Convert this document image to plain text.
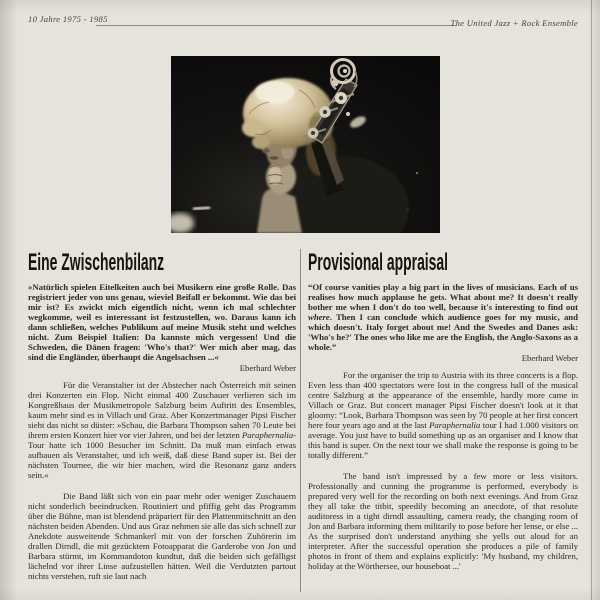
10 Jahre 1975 - 1985	The United Jazz + Rock Ensemble
Eine Zwischenbilanz

»Natürlich spielen Eitelkeiten auch bei Musikern eine große Rolle. Das registriert jeder von uns genau, wieviel Beifall er bekommt. Wie das bei mir ist? Es zwickt mich eigentlich nicht, wenn ich mal schlechter wegkomme, weil es interessant ist festzustellen, wo. Daraus kann ich dann schließen, welches Publikum auf meine Musik steht und welches nicht. Zum Beispiel Italien: Da kannste mich vergessen! Und die Schweden, die Dänen fragen: 'Who's that?' Wer mich aber mag, das sind die Engländer, überhaupt die Angelsachsen ...«

Eberhard Weber

Für die Veranstalter ist der Abstecher nach Österreich mit seinen drei Konzerten ein Flop. Nicht einmal 400 Zuschauer verlieren sich im Kongreßhaus der Musikmetropole Salzburg beim Auftritt des Ensembles, kaum mehr sind es in Villach und Graz. Aber Konzertmanager Pipsi Fischer sieht das nicht so düster: »Schau, die Barbara Thompson sahen 70 Leute bei ihrem ersten Konzert hier vor vier Jahren, und bei der letzten Paraphernalia-Tour hatte ich 1000 Besucher im Schnitt. Da muß man einfach etwas aufbauen als Veranstalter, und ich weiß, daß diese Band super ist. Bei der nächsten Tournee, die wir hier machen, wird die Resonanz ganz anders sein.«

Die Band läßt sich von ein paar mehr oder weniger Zuschauern nicht sonderlich beeindrucken. Routiniert und pfiffig geht das Programm über die Bühne, man ist blendend präpariert für den Plattenmitschnitt an den nächsten beiden Abenden. Und aus Graz nehmen sie alle das sich schnell zur Anekdote ausweitende Schmankerl mit von der forschen Zuhörerin im drallen Dirndl, die mit gezücktem Fotoapparat die Garderobe von Jon und Barbara stürmt, im Kommandoton kundtut, daß die beiden sich gefälligst lächelnd vor ihrer Linse aufzustellen hätten. Weil die Verdutzten partout nichts verstehen, ruft sie laut nach

Provisional appraisal

“Of course vanities play a big part in the lives of musicians. Each of us realises how much applause he gets. What about me? It doesn't really bother me when I don't do too well, because it's interesting to find out where. Then I can conclude which audience goes for my music, and which doesn't. Italy forget about me! And the Swedes and Danes ask: 'Who's he?' The ones who like me are the English, the Anglo-Saxons as a whole.”

Eberhard Weber

For the organiser the trip to Austria with its three concerts is a flop. Even less than 400 spectators were lost in the congress hall of the musical centre Salzburg at the appearance of the ensemble, hardly more came in Villach or Graz. But concert manager Pipsi Fischer doesn't look at it that gloomy: “Look, Barbara Thompson was seen by 70 people at her first concert here four years ago and at the last Paraphernalia tour I had 1.000 visitors on average. You just have to build something up as an organiser and I know that this band is super. On the next tour we shall make the response is going to be totally different.”

The band isn't impressed by a few more or less visitors. Professionally and cunning the programme is performed, everybody is prepared very well for the recording on both next evenings. And from Graz they all take the titbit, speedily becoming an anecdote, of that resolute auditoress in a tight dirndl assaulting, camera ready, the changing room of Jon and Barbara informing them militarily to pose before her lense, or else ... As the surprised don't understand anything she yells out aloud for an interpreter. After the successful operation she produces a pile of family photos in front of them and explains explicitly: 'My husband, my children, holiday at the Wörthersee, our houseboat ...'
